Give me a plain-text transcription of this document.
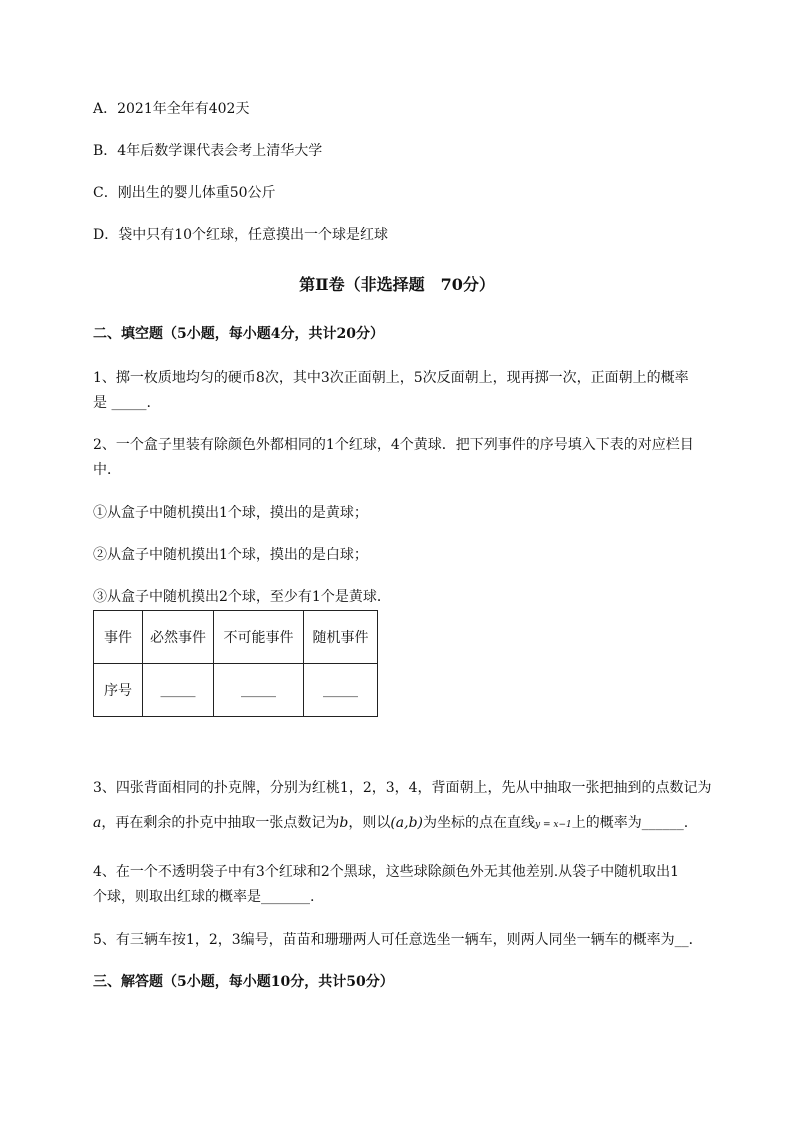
A．2021年全年有402天
B．4年后数学课代表会考上清华大学
C．刚出生的婴儿体重50公斤
D．袋中只有10个红球，任意摸出一个球是红球
第Ⅱ卷（非选择题　70分）
二、填空题（5小题，每小题4分，共计20分）
1、掷一枚质地均匀的硬币8次，其中3次正面朝上，5次反面朝上，现再掷一次，正面朝上的概率
是 _____.
2、一个盒子里装有除颜色外都相同的1个红球，4个黄球．把下列事件的序号填入下表的对应栏目
中．
①从盒子中随机摸出1个球，摸出的是黄球；
②从盒子中随机摸出1个球，摸出的是白球；
③从盒子中随机摸出2个球，至少有1个是黄球．
事件	必然事件	不可能事件	随机事件
序号	_____	_____	_____
3、四张背面相同的扑克牌，分别为红桃1，2，3，4，背面朝上，先从中抽取一张把抽到的点数记为
a，再在剩余的扑克中抽取一张点数记为b，则以(a,b)为坐标的点在直线y = x−1上的概率为______.
4、在一个不透明袋子中有3个红球和2个黑球，这些球除颜色外无其他差别.从袋子中随机取出1
个球，则取出红球的概率是_______.
5、有三辆车按1，2，3编号，苗苗和珊珊两人可任意选坐一辆车，则两人同坐一辆车的概率为__．
三、解答题（5小题，每小题10分，共计50分）
